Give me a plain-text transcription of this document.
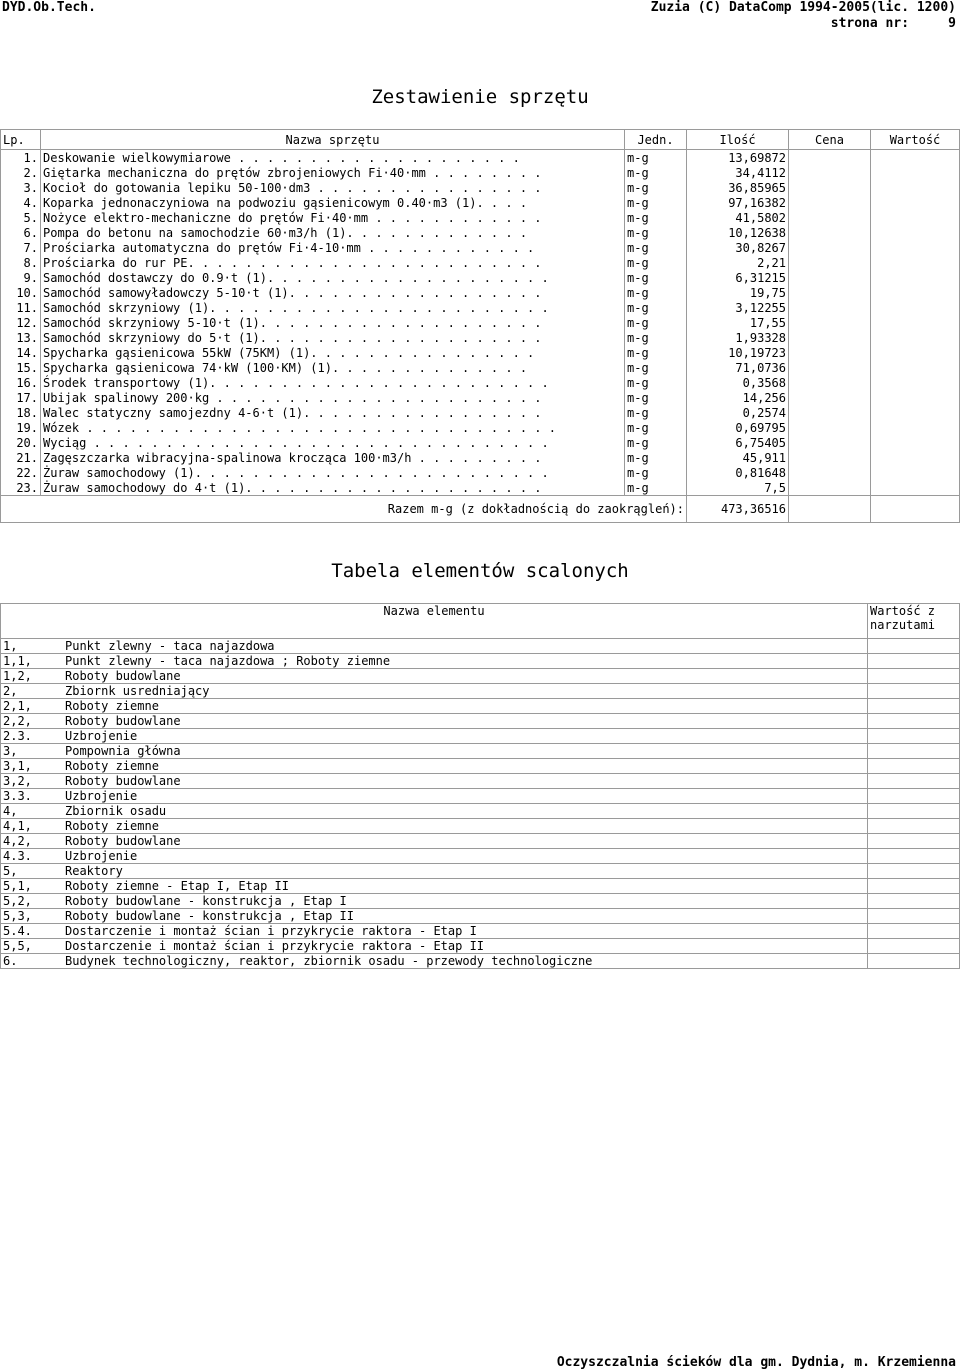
DYD.Ob.Tech.	Zuzia (C) DataComp 1994-2005(lic. 1200)
strona nr:	9
Zestawienie sprzętu
Lp.	Nazwa sprzętu	Jedn.	Ilość	Cena	Wartość
1.	Deskowanie wielkowymiarowe . . . . . . . . . . . . . . . . . . . .	m-g	13,69872		
2.	Giętarka mechaniczna do prętów zbrojeniowych Fi·40·mm . . . . . . . .	m-g	34,4112		
3.	Kocioł do gotowania lepiku 50-100·dm3 . . . . . . . . . . . . . . . .	m-g	36,85965		
4.	Koparka jednonaczyniowa na podwoziu gąsienicowym 0.40·m3 (1). . . .	m-g	97,16382		
5.	Nożyce elektro-mechaniczne do prętów Fi·40·mm . . . . . . . . . . . .	m-g	41,5802		
6.	Pompa do betonu na samochodzie 60·m3/h (1). . . . . . . . . . . . .	m-g	10,12638		
7.	Prościarka automatyczna do prętów Fi·4-10·mm . . . . . . . . . . . .	m-g	30,8267		
8.	Prościarka do rur PE. . . . . . . . . . . . . . . . . . . . . . . . .	m-g	2,21		
9.	Samochód dostawczy do 0.9·t (1). . . . . . . . . . . . . . . . . . . .	m-g	6,31215		
10.	Samochód samowyładowczy 5-10·t (1). . . . . . . . . . . . . . . . . .	m-g	19,75		
11.	Samochód skrzyniowy (1). . . . . . . . . . . . . . . . . . . . . . . .	m-g	3,12255		
12.	Samochód skrzyniowy 5-10·t (1). . . . . . . . . . . . . . . . . . . .	m-g	17,55		
13.	Samochód skrzyniowy do 5·t (1). . . . . . . . . . . . . . . . . . . .	m-g	1,93328		
14.	Spycharka gąsienicowa 55kW (75KM) (1). . . . . . . . . . . . . . . .	m-g	10,19723		
15.	Spycharka gąsienicowa 74·kW (100·KM) (1). . . . . . . . . . . . . .	m-g	71,0736		
16.	Środek transportowy (1). . . . . . . . . . . . . . . . . . . . . . . .	m-g	0,3568		
17.	Ubijak spalinowy 200·kg . . . . . . . . . . . . . . . . . . . . . . .	m-g	14,256		
18.	Walec statyczny samojezdny 4-6·t (1). . . . . . . . . . . . . . . . .	m-g	0,2574		
19.	Wózek . . . . . . . . . . . . . . . . . . . . . . . . . . . . . . . . .	m-g	0,69795		
20.	Wyciąg . . . . . . . . . . . . . . . . . . . . . . . . . . . . . . . .	m-g	6,75405		
21.	Zagęszczarka wibracyjna-spalinowa krocząca 100·m3/h . . . . . . . . .	m-g	45,911		
22.	Żuraw samochodowy (1). . . . . . . . . . . . . . . . . . . . . . . . .	m-g	0,81648		
23.	Żuraw samochodowy do 4·t (1). . . . . . . . . . . . . . . . . . . . .	m-g	7,5		
Razem m-g (z dokładnością do zaokrągleń):			473,36516		
Tabela elementów scalonych
Nazwa elementu	Wartość z narzutami
1, Punkt zlewny - taca najazdowa	
1,1, Punkt zlewny - taca najazdowa ; Roboty ziemne	
1,2, Roboty budowlane	
2, Zbiornk usredniający	
2,1, Roboty ziemne	
2,2, Roboty budowlane	
2.3. Uzbrojenie	
3, Pompownia główna	
3,1, Roboty ziemne	
3,2, Roboty budowlane	
3.3. Uzbrojenie	
4, Zbiornik osadu	
4,1, Roboty ziemne	
4,2, Roboty budowlane	
4.3. Uzbrojenie	
5, Reaktory	
5,1, Roboty ziemne - Etap I, Etap II	
5,2, Roboty budowlane - konstrukcja , Etap I	
5,3, Roboty budowlane - konstrukcja , Etap II	
5.4. Dostarczenie i montaż ścian i przykrycie raktora - Etap I	
5,5, Dostarczenie i montaż ścian i przykrycie raktora - Etap II	
6. Budynek technologiczny, reaktor, zbiornik osadu - przewody technologiczne	
Oczyszczalnia ścieków dla gm. Dydnia, m. Krzemienna
